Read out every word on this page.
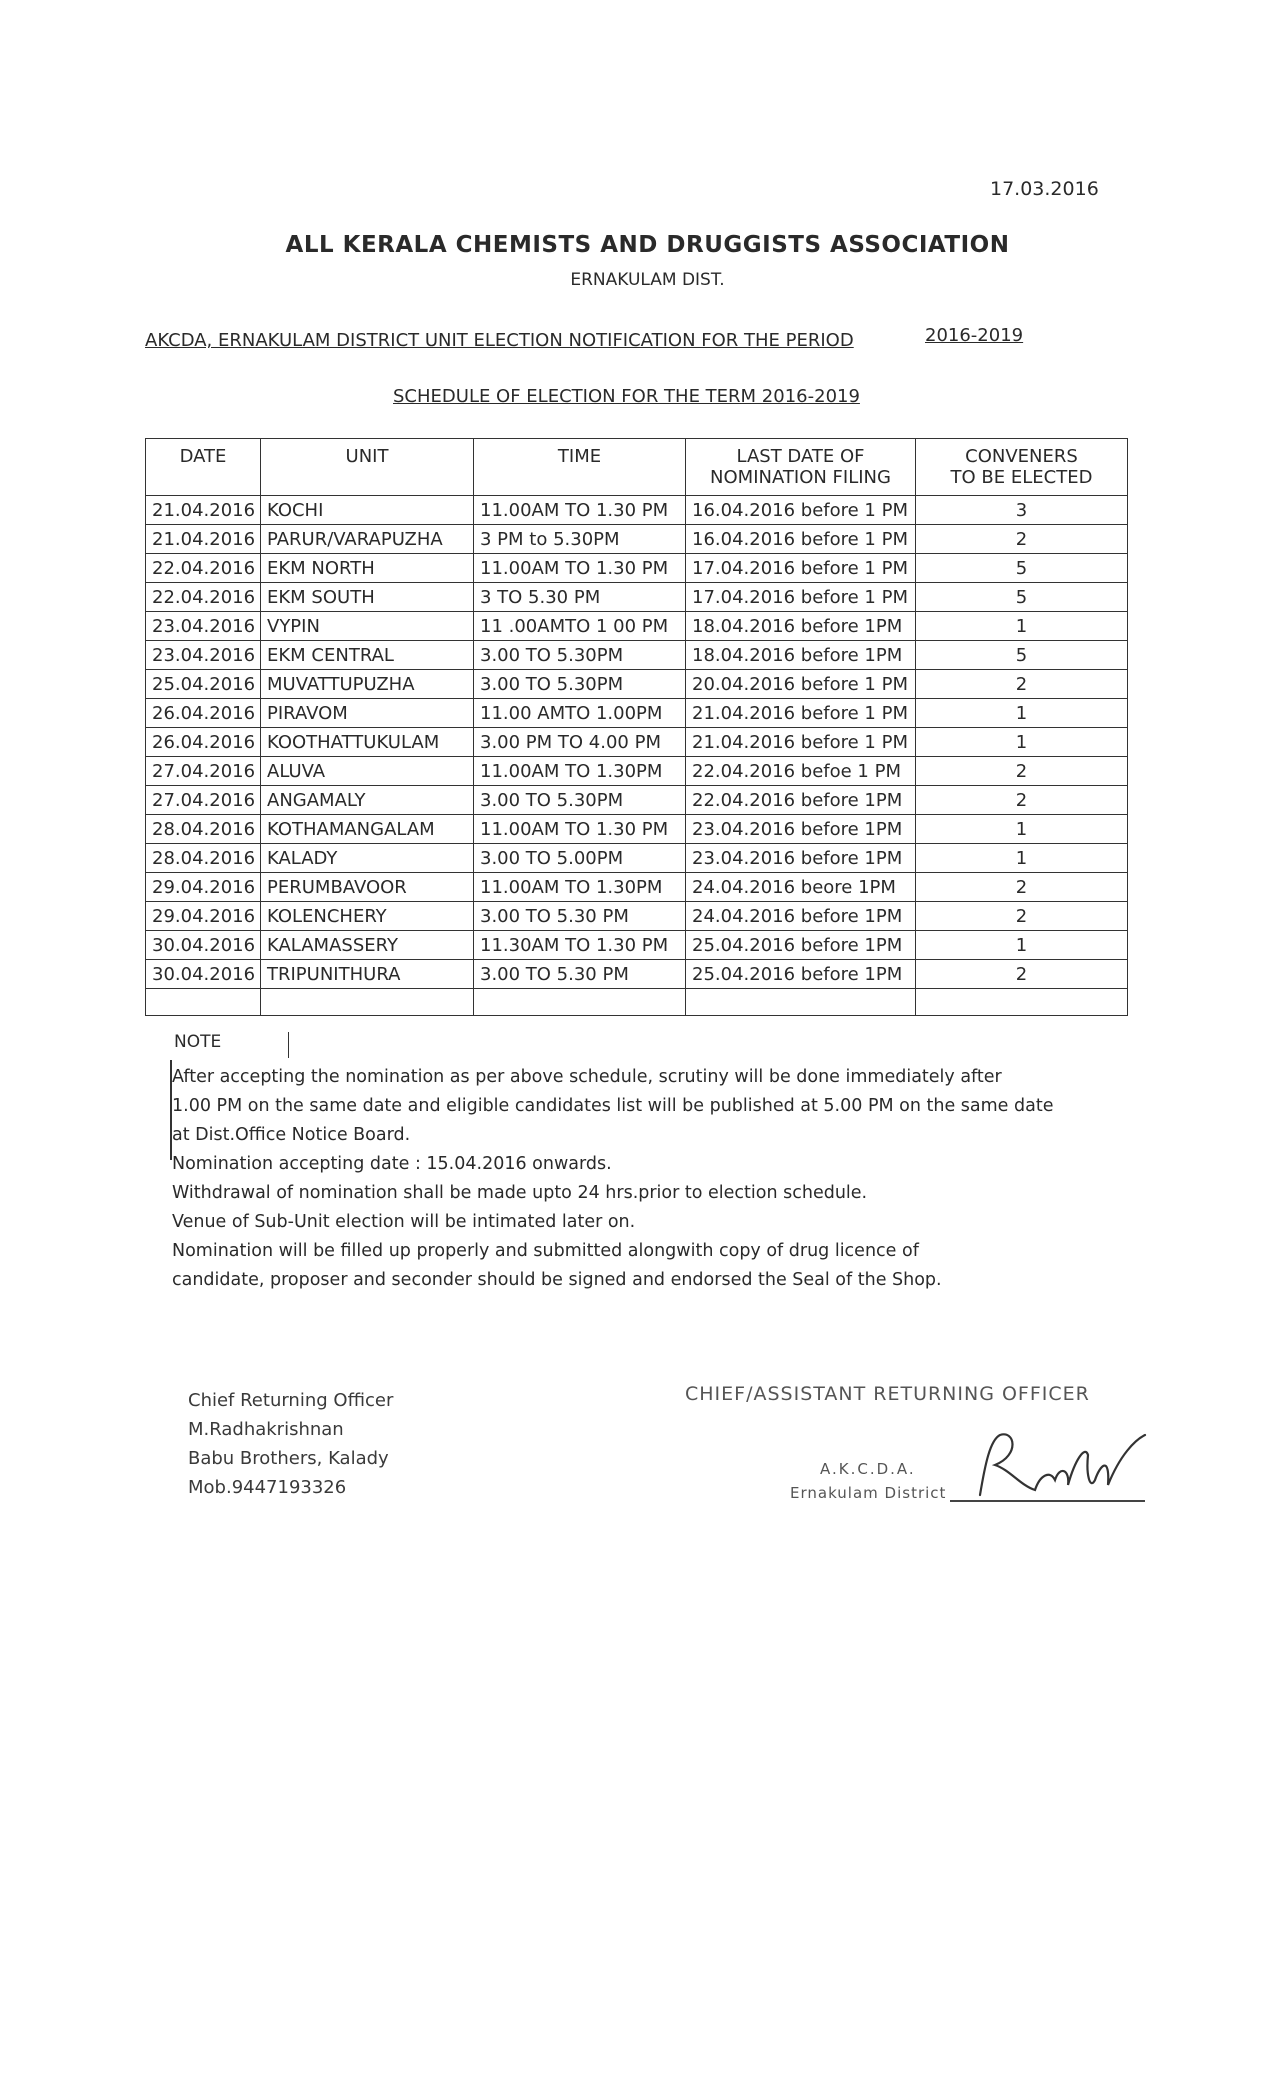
17.03.2016
ALL KERALA CHEMISTS AND DRUGGISTS ASSOCIATION
ERNAKULAM DIST.
AKCDA, ERNAKULAM DISTRICT UNIT ELECTION NOTIFICATION FOR THE PERIOD	2016-2019
SCHEDULE OF ELECTION FOR THE TERM 2016-2019
DATE	UNIT	TIME	LAST DATE OF	CONVENERS
			NOMINATION FILING	TO BE ELECTED
21.04.2016	KOCHI	11.00AM TO 1.30 PM	16.04.2016 before 1 PM	3
21.04.2016	PARUR/VARAPUZHA	3 PM to 5.30PM	16.04.2016 before 1 PM	2
22.04.2016	EKM NORTH	11.00AM TO 1.30 PM	17.04.2016 before 1 PM	5
22.04.2016	EKM SOUTH	3 TO 5.30 PM	17.04.2016 before 1 PM	5
23.04.2016	VYPIN	11 .00AMTO 1 00 PM	18.04.2016 before 1PM	1
23.04.2016	EKM CENTRAL	3.00 TO 5.30PM	18.04.2016 before 1PM	5
25.04.2016	MUVATTUPUZHA	3.00 TO 5.30PM	20.04.2016 before 1 PM	2
26.04.2016	PIRAVOM	11.00 AMTO 1.00PM	21.04.2016 before 1 PM	1
26.04.2016	KOOTHATTUKULAM	3.00 PM TO 4.00 PM	21.04.2016 before 1 PM	1
27.04.2016	ALUVA	11.00AM TO 1.30PM	22.04.2016 befoe 1 PM	2
27.04.2016	ANGAMALY	3.00 TO 5.30PM	22.04.2016 before 1PM	2
28.04.2016	KOTHAMANGALAM	11.00AM TO 1.30 PM	23.04.2016 before 1PM	1
28.04.2016	KALADY	3.00 TO 5.00PM	23.04.2016 before 1PM	1
29.04.2016	PERUMBAVOOR	11.00AM TO 1.30PM	24.04.2016 beore 1PM	2
29.04.2016	KOLENCHERY	3.00 TO 5.30 PM	24.04.2016 before 1PM	2
30.04.2016	KALAMASSERY	11.30AM TO 1.30 PM	25.04.2016 before 1PM	1
30.04.2016	TRIPUNITHURA	3.00 TO 5.30 PM	25.04.2016 before 1PM	2

NOTE
After accepting the nomination as per above schedule, scrutiny will be done immediately after
1.00 PM on the same date and eligible candidates list will be published at 5.00 PM on the same date
at Dist.Office Notice Board.
Nomination accepting date : 15.04.2016 onwards.
Withdrawal of nomination shall be made upto 24 hrs.prior to election schedule.
Venue of Sub-Unit election will be intimated later on.
Nomination will be filled up properly and submitted alongwith copy of drug licence of
candidate, proposer and seconder should be signed and endorsed the Seal of the Shop.
Chief Returning Officer
M.Radhakrishnan
Babu Brothers, Kalady
Mob.9447193326
CHIEF/ASSISTANT RETURNING OFFICER
A.K.C.D.A.
Ernakulam District
